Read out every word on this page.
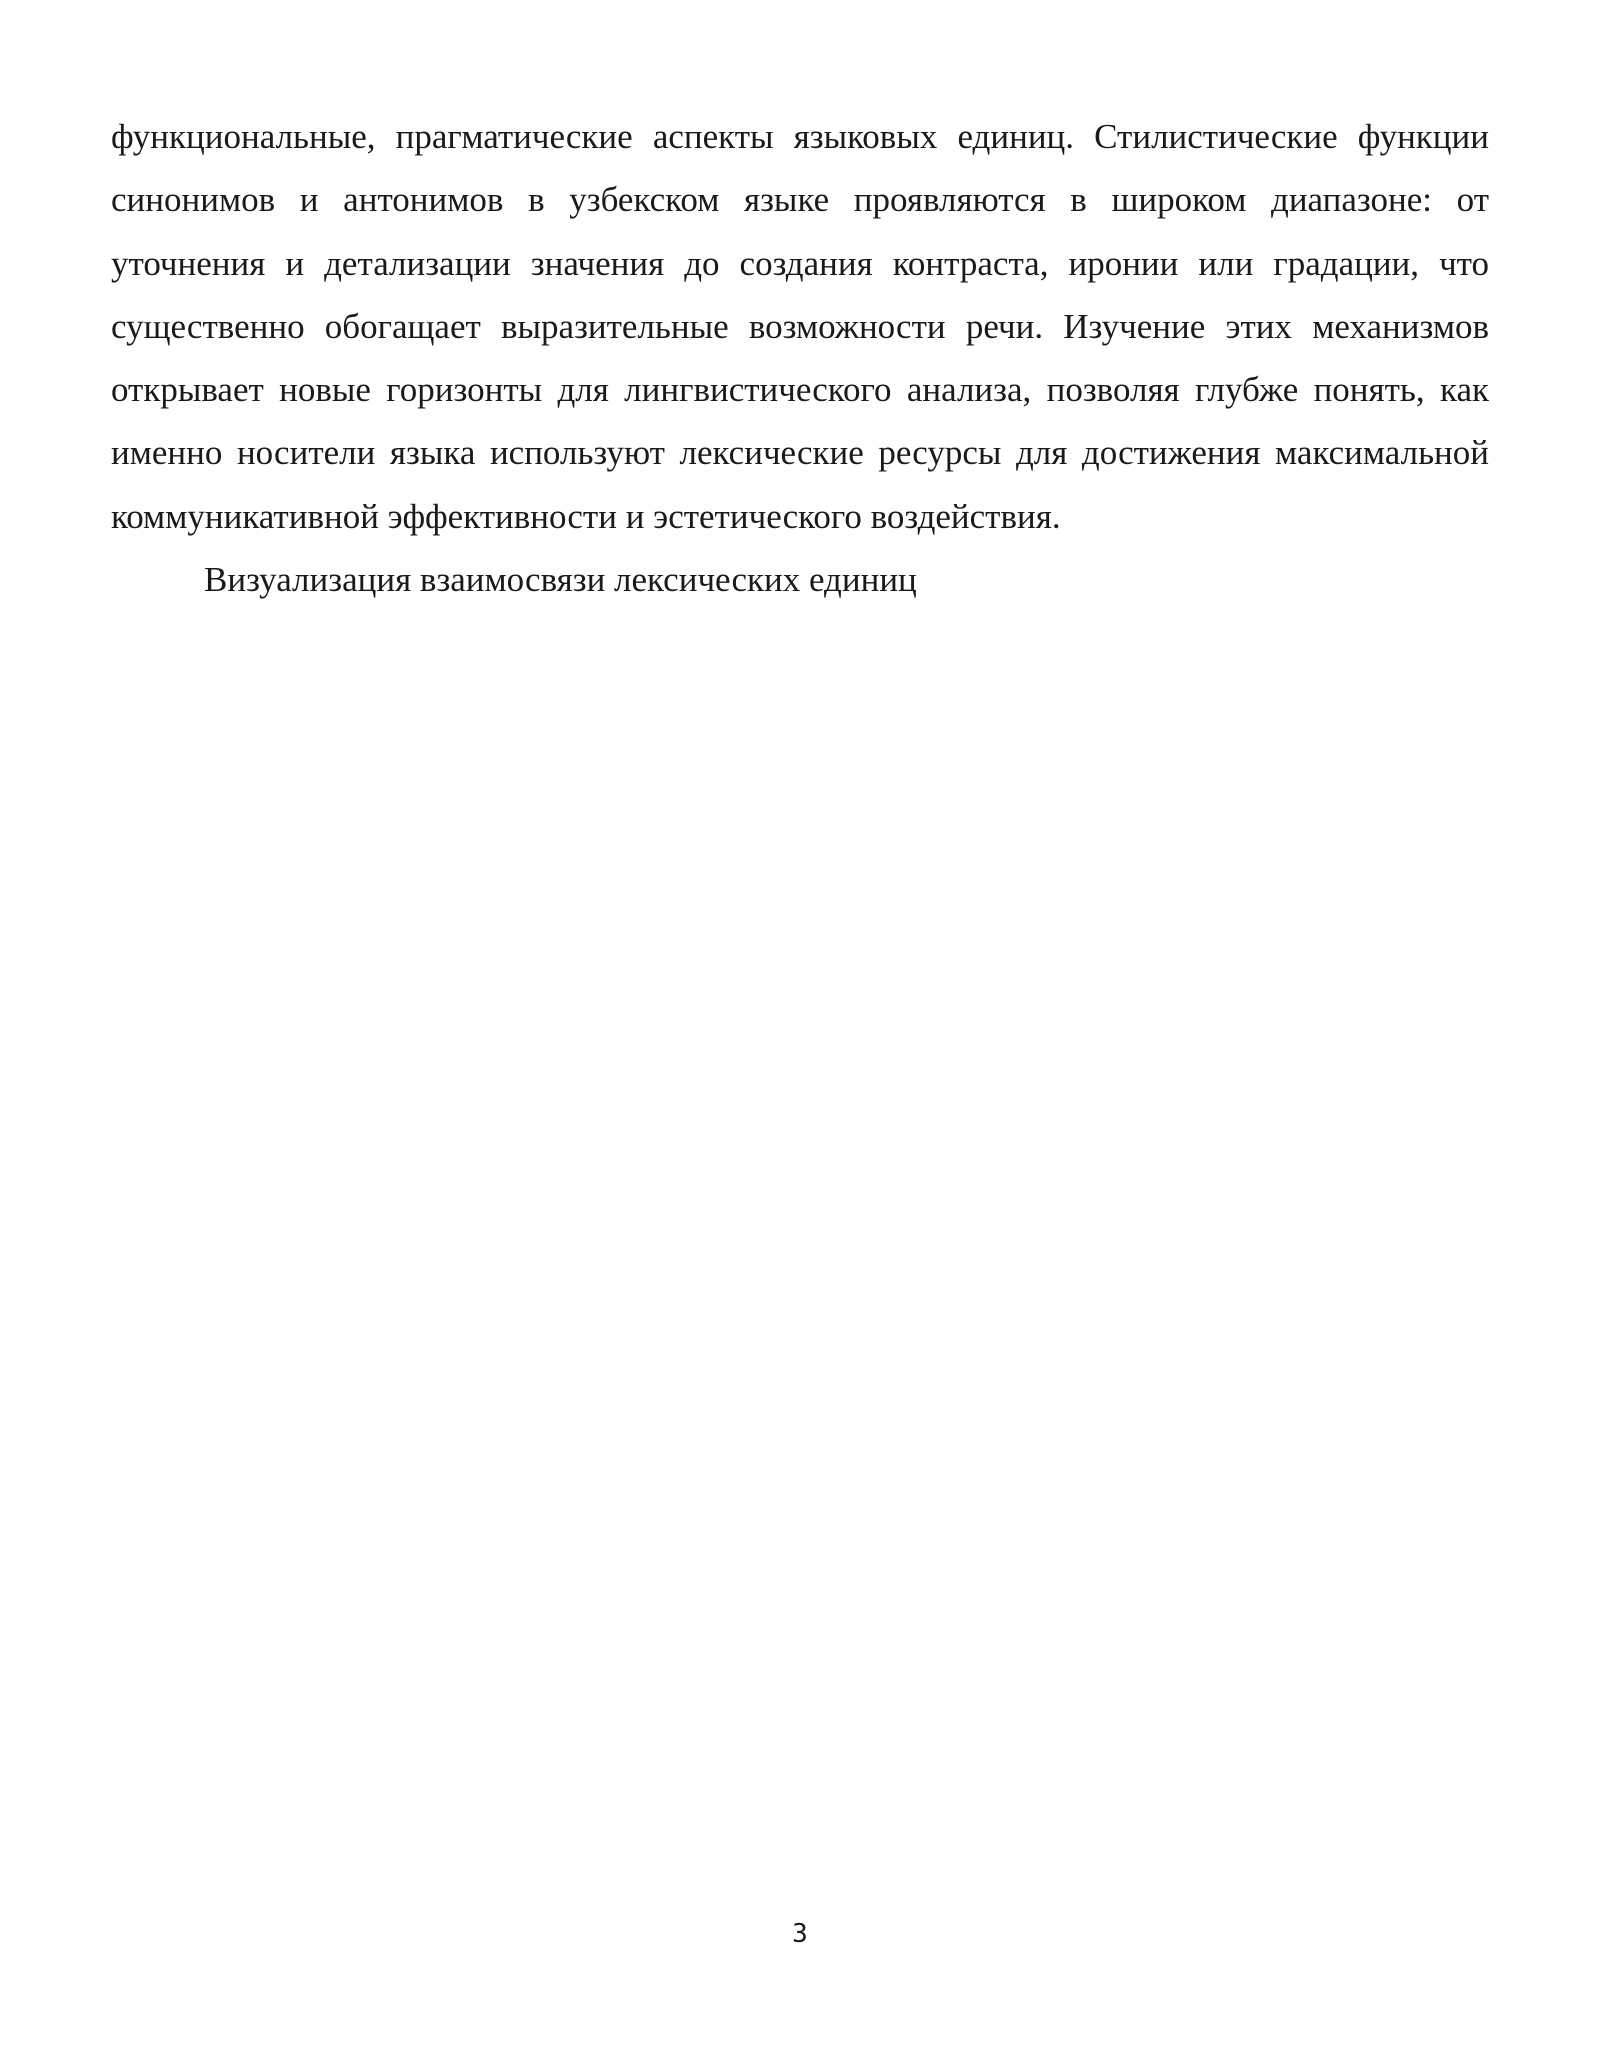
функциональные, прагматические аспекты языковых единиц. Стилистические функции синонимов и антонимов в узбекском языке проявляются в широком диапазоне: от уточнения и детализации значения до создания контраста, иронии или градации, что существенно обогащает выразительные возможности речи. Изучение этих механизмов открывает новые горизонты для лингвистического анализа, позволяя глубже понять, как именно носители языка используют лексические ресурсы для достижения максимальной коммуникативной эффективности и эстетического воздействия.

Визуализация взаимосвязи лексических единиц

3
